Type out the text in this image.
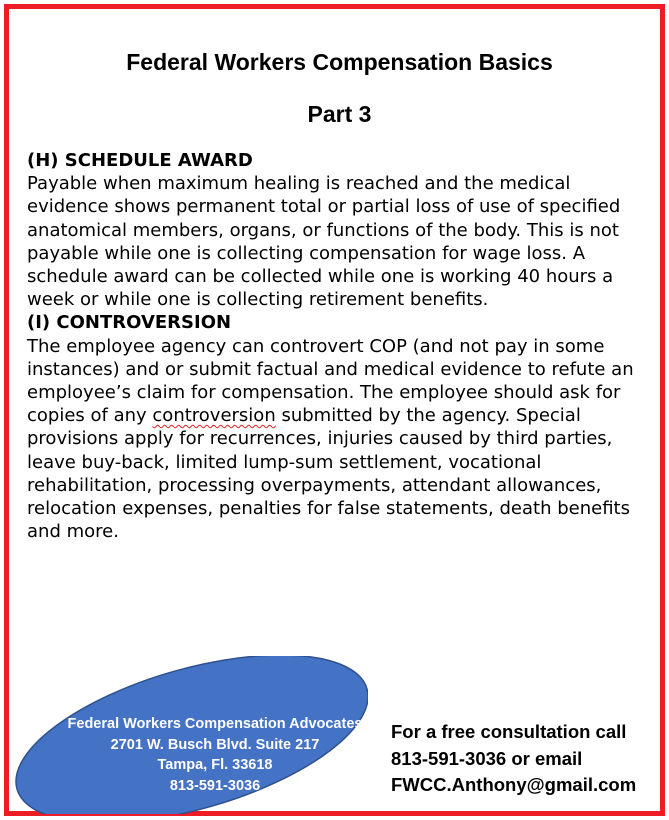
Federal Workers Compensation Basics
Part 3
(H) SCHEDULE AWARD
Payable when maximum healing is reached and the medical evidence shows permanent total or partial loss of use of specified anatomical members, organs, or functions of the body. This is not payable while one is collecting compensation for wage loss. A schedule award can be collected while one is working 40 hours a week or while one is collecting retirement benefits.
(I) CONTROVERSION
The employee agency can controvert COP (and not pay in some instances) and or submit factual and medical evidence to refute an employee’s claim for compensation. The employee should ask for copies of any controversion submitted by the agency. Special provisions apply for recurrences, injuries caused by third parties, leave buy-back, limited lump-sum settlement, vocational rehabilitation, processing overpayments, attendant allowances, relocation expenses, penalties for false statements, death benefits and more.
Federal Workers Compensation Advocates
2701 W. Busch Blvd. Suite 217
Tampa, Fl. 33618
813-591-3036
For a free consultation call
813-591-3036 or email
FWCC.Anthony@gmail.com
